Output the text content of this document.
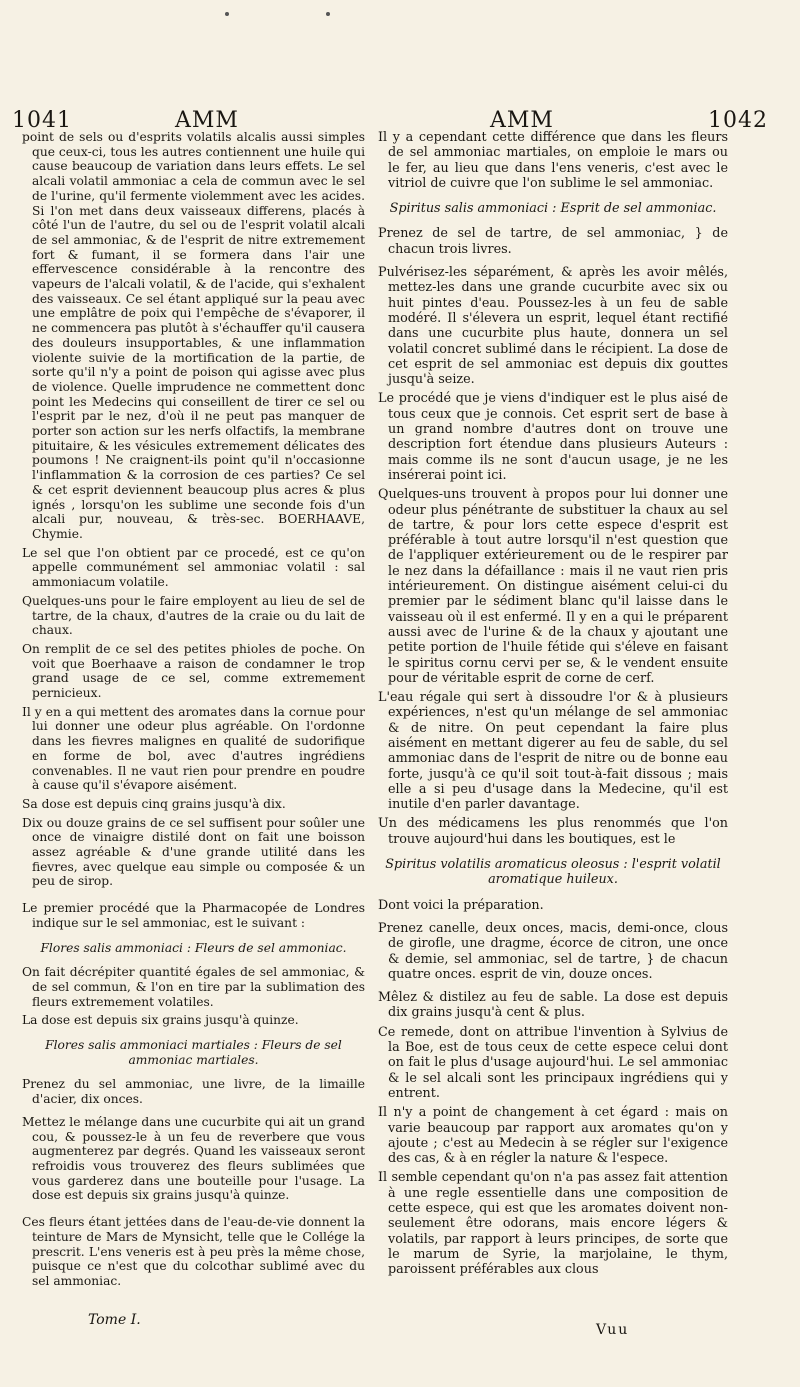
1041	AMM	AMM	1042

point de sels ou d'esprits volatils alcalis aussi simples que ceux-ci, tous les autres contiennent une huile qui cause beaucoup de variation dans leurs effets. Le sel alcali volatil ammoniac a cela de commun avec le sel de l'urine, qu'il fermente violemment avec les acides. Si l'on met dans deux vaisseaux differens, placés à côté l'un de l'autre, du sel ou de l'esprit volatil alcali de sel ammoniac, & de l'esprit de nitre extremement fort & fumant, il se formera dans l'air une effervescence considérable à la rencontre des vapeurs de l'alcali volatil, & de l'acide, qui s'exhalent des vaisseaux. Ce sel étant appliqué sur la peau avec une emplâtre de poix qui l'empêche de s'évaporer, il ne commencera pas plutôt à s'échauffer qu'il causera des douleurs insupportables, & une inflammation violente suivie de la mortification de la partie, de sorte qu'il n'y a point de poison qui agisse avec plus de violence. Quelle imprudence ne commettent donc point les Medecins qui conseillent de tirer ce sel ou l'esprit par le nez, d'où il ne peut pas manquer de porter son action sur les nerfs olfactifs, la membrane pituitaire, & les vésicules extremement délicates des poumons ! Ne craignent-ils point qu'il n'occasionne l'inflammation & la corrosion de ces parties? Ce sel & cet esprit deviennent beaucoup plus acres & plus ignés , lorsqu'on les sublime une seconde fois d'un alcali pur, nouveau, & très-sec. BOERHAAVE, Chymie.

Le sel que l'on obtient par ce procedé, est ce qu'on appelle communément sel ammoniac volatil : sal ammoniacum volatile.

Quelques-uns pour le faire employent au lieu de sel de tartre, de la chaux, d'autres de la craie ou du lait de chaux.

On remplit de ce sel des petites phioles de poche. On voit que Boerhaave a raison de condamner le trop grand usage de ce sel, comme extremement pernicieux.

Il y en a qui mettent des aromates dans la cornue pour lui donner une odeur plus agréable. On l'ordonne dans les fievres malignes en qualité de sudorifique en forme de bol, avec d'autres ingrédiens convenables. Il ne vaut rien pour prendre en poudre à cause qu'il s'évapore aisément.

Sa dose est depuis cinq grains jusqu'à dix.

Dix ou douze grains de ce sel suffisent pour soûler une once de vinaigre distilé dont on fait une boisson assez agréable & d'une grande utilité dans les fievres, avec quelque eau simple ou composée & un peu de sirop.

Le premier procédé que la Pharmacopée de Londres indique sur le sel ammoniac, est le suivant :

Flores salis ammoniaci : Fleurs de sel ammoniac.

On fait décrépiter quantité égales de sel ammoniac, & de sel commun, & l'on en tire par la sublimation des fleurs extremement volatiles.

La dose est depuis six grains jusqu'à quinze.

Flores salis ammoniaci martiales : Fleurs de sel ammoniac martiales.

Prenez du sel ammoniac, une livre, de la limaille d'acier, dix onces.

Mettez le mélange dans une cucurbite qui ait un grand cou, & poussez-le à un feu de reverbere que vous augmenterez par degrés. Quand les vaisseaux seront refroidis vous trouverez des fleurs sublimées que vous garderez dans une bouteille pour l'usage. La dose est depuis six grains jusqu'à quinze.

Ces fleurs étant jettées dans de l'eau-de-vie donnent la teinture de Mars de Mynsicht, telle que le Collége la prescrit. L'ens veneris est à peu près la même chose, puisque ce n'est que du colcothar sublimé avec du sel ammoniac.

Il y a cependant cette différence que dans les fleurs de sel ammoniac martiales, on emploie le mars ou le fer, au lieu que dans l'ens veneris, c'est avec le vitriol de cuivre que l'on sublime le sel ammoniac.

Spiritus salis ammoniaci : Esprit de sel ammoniac.

Prenez de sel de tartre, de sel ammoniac, } de chacun trois livres.

Pulvérisez-les séparément, & après les avoir mêlés, mettez-les dans une grande cucurbite avec six ou huit pintes d'eau. Poussez-les à un feu de sable modéré. Il s'élevera un esprit, lequel étant rectifié dans une cucurbite plus haute, donnera un sel volatil concret sublimé dans le récipient. La dose de cet esprit de sel ammoniac est depuis dix gouttes jusqu'à seize.

Le procédé que je viens d'indiquer est le plus aisé de tous ceux que je connois. Cet esprit sert de base à un grand nombre d'autres dont on trouve une description fort étendue dans plusieurs Auteurs : mais comme ils ne sont d'aucun usage, je ne les insérerai point ici.

Quelques-uns trouvent à propos pour lui donner une odeur plus pénétrante de substituer la chaux au sel de tartre, & pour lors cette espece d'esprit est préférable à tout autre lorsqu'il n'est question que de l'appliquer extérieurement ou de le respirer par le nez dans la défaillance : mais il ne vaut rien pris intérieurement. On distingue aisément celui-ci du premier par le sédiment blanc qu'il laisse dans le vaisseau où il est enfermé. Il y en a qui le préparent aussi avec de l'urine & de la chaux y ajoutant une petite portion de l'huile fétide qui s'éleve en faisant le spiritus cornu cervi per se, & le vendent ensuite pour de véritable esprit de corne de cerf.

L'eau régale qui sert à dissoudre l'or & à plusieurs expériences, n'est qu'un mélange de sel ammoniac & de nitre. On peut cependant la faire plus aisément en mettant digerer au feu de sable, du sel ammoniac dans de l'esprit de nitre ou de bonne eau forte, jusqu'à ce qu'il soit tout-à-fait dissous ; mais elle a si peu d'usage dans la Medecine, qu'il est inutile d'en parler davantage.

Un des médicamens les plus renommés que l'on trouve aujourd'hui dans les boutiques, est le

Spiritus volatilis aromaticus oleosus : l'esprit volatil aromatique huileux.

Dont voici la préparation.

Prenez canelle, deux onces, macis, demi-once, clous de girofle, une dragme, écorce de citron, une once & demie, sel ammoniac, sel de tartre, } de chacun quatre onces. esprit de vin, douze onces.

Mêlez & distilez au feu de sable. La dose est depuis dix grains jusqu'à cent & plus.

Ce remede, dont on attribue l'invention à Sylvius de la Boe, est de tous ceux de cette espece celui dont on fait le plus d'usage aujourd'hui. Le sel ammoniac & le sel alcali sont les principaux ingrédiens qui y entrent.

Il n'y a point de changement à cet égard : mais on varie beaucoup par rapport aux aromates qu'on y ajoute ; c'est au Medecin à se régler sur l'exigence des cas, & à en régler la nature & l'espece.

Il semble cependant qu'on n'a pas assez fait attention à une regle essentielle dans une composition de cette espece, qui est que les aromates doivent non-seulement être odorans, mais encore légers & volatils, par rapport à leurs principes, de sorte que le marum de Syrie, la marjolaine, le thym, paroissent préférables aux clous

Tome I.
Vuu
